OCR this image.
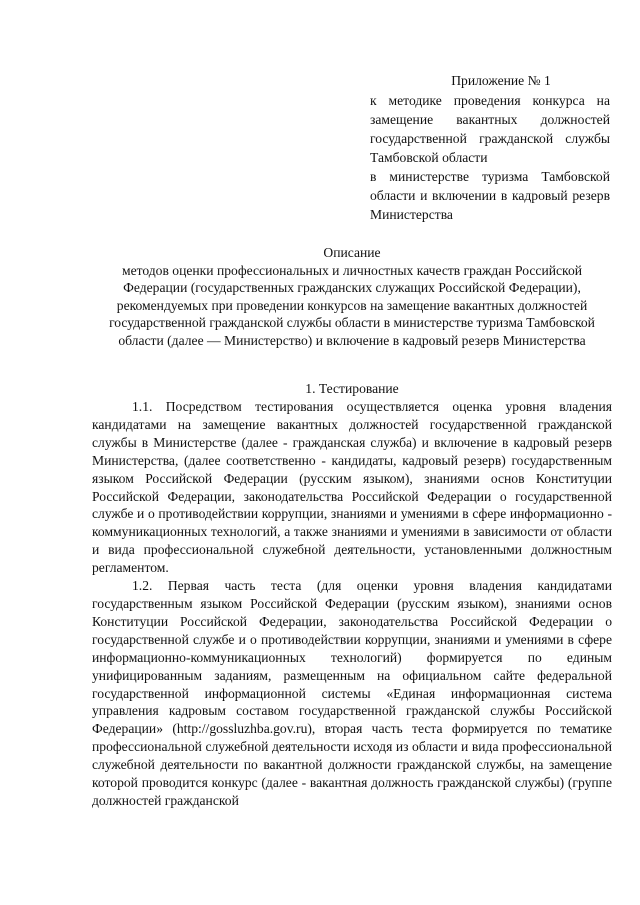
Приложение № 1

к методике проведения конкурса на замещение вакантных должностей государственной гражданской службы Тамбовской области

в министерстве туризма Тамбовской области и включении в кадровый резерв Министерства

Описание

методов оценки профессиональных и личностных качеств граждан Российской Федерации (государственных гражданских служащих Российской Федерации), рекомендуемых при проведении конкурсов на замещение вакантных должностей государственной гражданской службы области в министерстве туризма Тамбовской области (далее — Министерство) и включение в кадровый резерв Министерства

1. Тестирование

1.1. Посредством тестирования осуществляется оценка уровня владения кандидатами на замещение вакантных должностей государственной гражданской службы в Министерстве (далее - гражданская служба) и включение в кадровый резерв Министерства, (далее соответственно - кандидаты, кадровый резерв) государственным языком Российской Федерации (русским языком), знаниями основ Конституции Российской Федерации, законодательства Российской Федерации о государственной службе и о противодействии коррупции, знаниями и умениями в сфере информационно - коммуникационных технологий, а также знаниями и умениями в зависимости от области и вида профессиональной служебной деятельности, установленными должностным регламентом.

1.2. Первая часть теста (для оценки уровня владения кандидатами государственным языком Российской Федерации (русским языком), знаниями основ Конституции Российской Федерации, законодательства Российской Федерации о государственной службе и о противодействии коррупции, знаниями и умениями в сфере информационно-коммуникационных технологий) формируется по единым унифицированным заданиям, размещенным на официальном сайте федеральной государственной информационной системы «Единая информационная система управления кадровым составом государственной гражданской службы Российской Федерации» (http://gossluzhba.gov.ru), вторая часть теста формируется по тематике профессиональной служебной деятельности исходя из области и вида профессиональной служебной деятельности по вакантной должности гражданской службы, на замещение которой проводится конкурс (далее - вакантная должность гражданской службы) (группе должностей гражданской
